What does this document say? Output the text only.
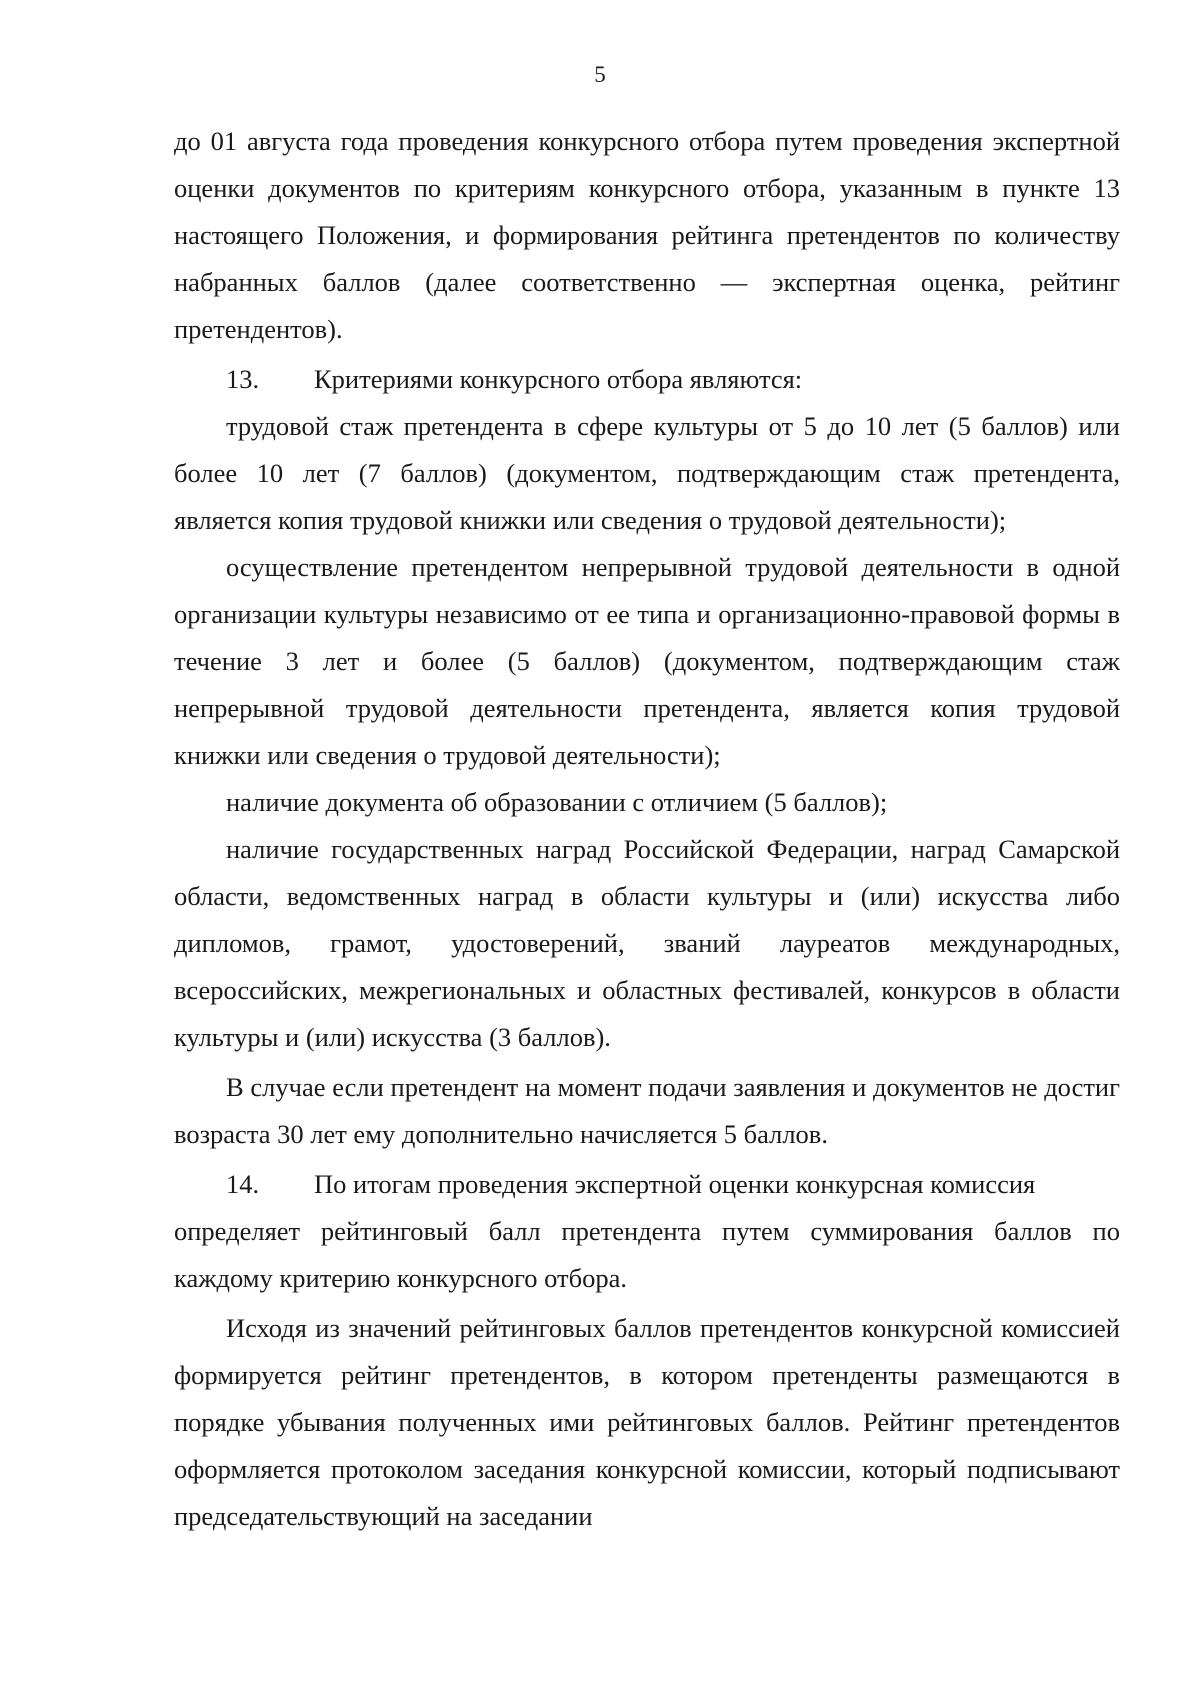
5

до 01 августа года проведения конкурсного отбора путем проведения экспертной оценки документов по критериям конкурсного отбора, указанным в пункте 13 настоящего Положения, и формирования рейтинга претендентов по количеству набранных баллов (далее соответственно — экспертная оценка, рейтинг претендентов).

13.	Критериями конкурсного отбора являются:

трудовой стаж претендента в сфере культуры от 5 до 10 лет (5 баллов) или более 10 лет (7 баллов) (документом, подтверждающим стаж претендента, является копия трудовой книжки или сведения о трудовой деятельности);

осуществление претендентом непрерывной трудовой деятельности в одной организации культуры независимо от ее типа и организационно-правовой формы в течение 3 лет и более (5 баллов) (документом, подтверждающим стаж непрерывной трудовой деятельности претендента, является копия трудовой книжки или сведения о трудовой деятельности);

наличие документа об образовании с отличием (5 баллов);

наличие государственных наград Российской Федерации, наград Самарской области, ведомственных наград в области культуры и (или) искусства либо дипломов, грамот, удостоверений, званий лауреатов международных, всероссийских, межрегиональных и областных фестивалей, конкурсов в области культуры и (или) искусства (3 баллов).

В случае если претендент на момент подачи заявления и документов не достиг возраста 30 лет ему дополнительно начисляется 5 баллов.

14.	По итогам проведения экспертной оценки конкурсная комиссия

определяет рейтинговый балл претендента путем суммирования баллов по каждому критерию конкурсного отбора.

Исходя из значений рейтинговых баллов претендентов конкурсной комиссией формируется рейтинг претендентов, в котором претенденты размещаются в порядке убывания полученных ими рейтинговых баллов. Рейтинг претендентов оформляется протоколом заседания конкурсной комиссии, который подписывают председательствующий на заседании
